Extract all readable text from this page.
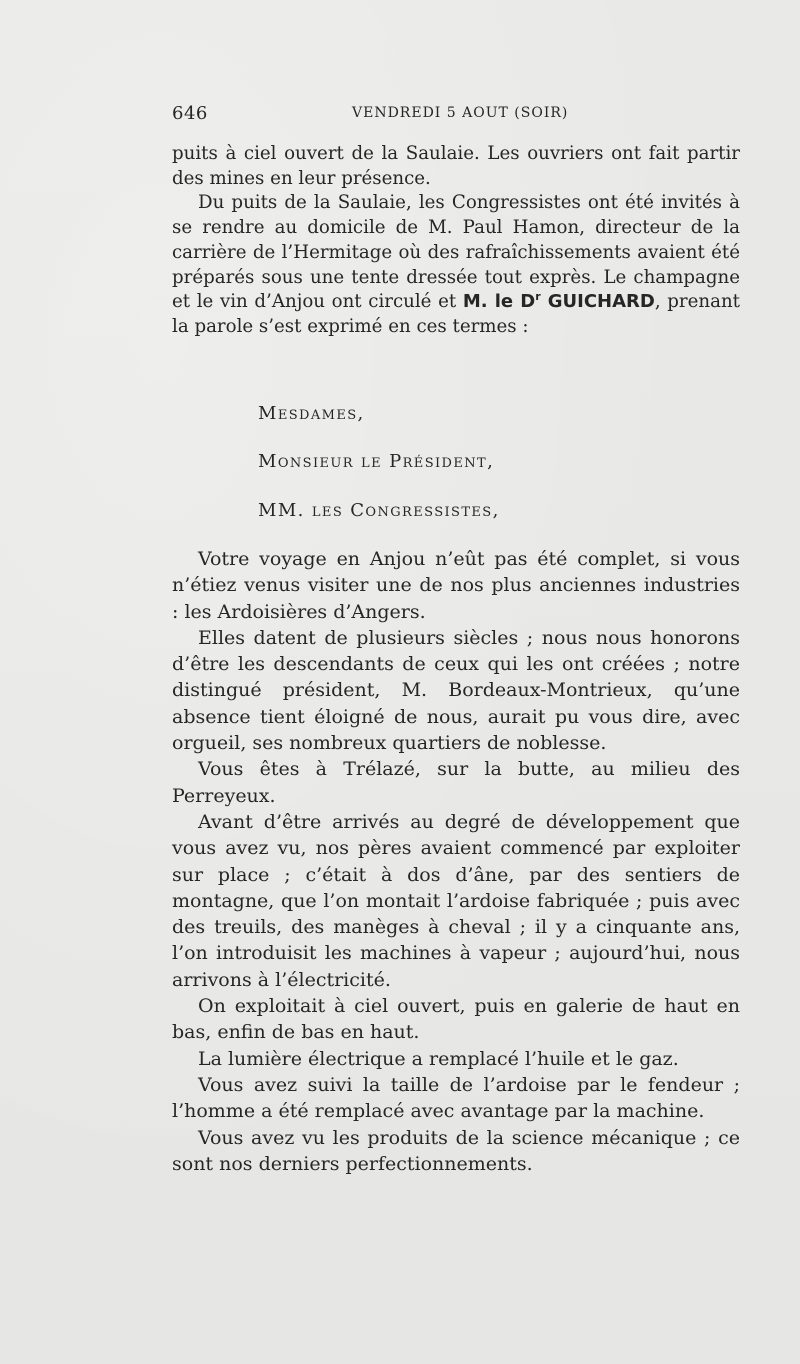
646	VENDREDI 5 AOUT (SOIR)

puits à ciel ouvert de la Saulaie. Les ouvriers ont fait partir des mines en leur présence.

Du puits de la Saulaie, les Congressistes ont été invités à se rendre au domicile de M. Paul Hamon, directeur de la carrière de l’Hermitage où des rafraîchissements avaient été préparés sous une tente dressée tout exprès. Le champagne et le vin d’Anjou ont circulé et M. le $D^r$ GUICHARD, prenant la parole s’est exprimé en ces termes :

Mesdames,

Monsieur le Président,

MM. les Congressistes,

Votre voyage en Anjou n’eût pas été complet, si vous n’étiez venus visiter une de nos plus anciennes industries : les Ardoisières d’Angers.

Elles datent de plusieurs siècles ; nous nous honorons d’être les descendants de ceux qui les ont créées ; notre distingué président, M. Bordeaux-Montrieux, qu’une absence tient éloigné de nous, aurait pu vous dire, avec orgueil, ses nombreux quartiers de noblesse.

Vous êtes à Trélazé, sur la butte, au milieu des Perreyeux.

Avant d’être arrivés au degré de développement que vous avez vu, nos pères avaient commencé par exploiter sur place ; c’était à dos d’âne, par des sentiers de montagne, que l’on montait l’ardoise fabriquée ; puis avec des treuils, des manèges à cheval ; il y a cinquante ans, l’on introduisit les machines à vapeur ; aujourd’hui, nous arrivons à l’électricité.

On exploitait à ciel ouvert, puis en galerie de haut en bas, enfin de bas en haut.

La lumière électrique a remplacé l’huile et le gaz.

Vous avez suivi la taille de l’ardoise par le fendeur ; l’homme a été remplacé avec avantage par la machine.

Vous avez vu les produits de la science mécanique ; ce sont nos derniers perfectionnements.
